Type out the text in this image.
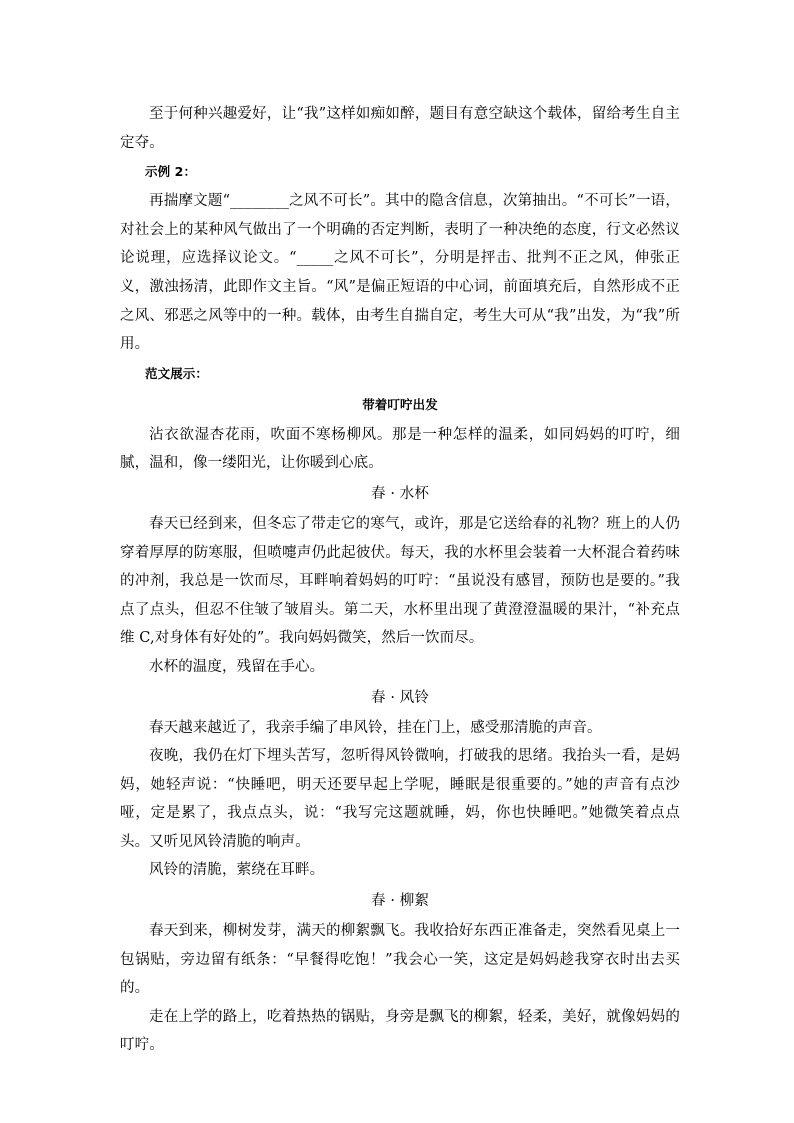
至于何种兴趣爱好，让“我”这样如痴如醉，题目有意空缺这个载体，留给考生自主定夺。

示例 2：

再揣摩文题“________之风不可长”。其中的隐含信息，次第抽出。“不可长”一语，对社会上的某种风气做出了一个明确的否定判断，表明了一种决绝的态度，行文必然议论说理，应选择议论文。“_____之风不可长”，分明是抨击、批判不正之风，伸张正义，激浊扬清，此即作文主旨。“风”是偏正短语的中心词，前面填充后，自然形成不正之风、邪恶之风等中的一种。载体，由考生自揣自定，考生大可从“我”出发，为“我”所用。

范文展示：

带着叮咛出发

沾衣欲湿杏花雨，吹面不寒杨柳风。那是一种怎样的温柔，如同妈妈的叮咛，细腻，温和，像一缕阳光，让你暖到心底。

春 · 水杯

春天已经到来，但冬忘了带走它的寒气，或许，那是它送给春的礼物？班上的人仍穿着厚厚的防寒服，但喷嚏声仍此起彼伏。每天，我的水杯里会装着一大杯混合着药味的冲剂，我总是一饮而尽，耳畔响着妈妈的叮咛：“虽说没有感冒，预防也是要的。”我点了点头，但忍不住皱了皱眉头。第二天，水杯里出现了黄澄澄温暖的果汁，“补充点维 C,对身体有好处的”。我向妈妈微笑，然后一饮而尽。

水杯的温度，残留在手心。

春 · 风铃

春天越来越近了，我亲手编了串风铃，挂在门上，感受那清脆的声音。

夜晚，我仍在灯下埋头苦写，忽听得风铃微响，打破我的思绪。我抬头一看，是妈妈，她轻声说：“快睡吧，明天还要早起上学呢，睡眠是很重要的。”她的声音有点沙哑，定是累了，我点点头，说：“我写完这题就睡，妈，你也快睡吧。”她微笑着点点头。又听见风铃清脆的响声。

风铃的清脆，萦绕在耳畔。

春 · 柳絮

春天到来，柳树发芽，满天的柳絮飘飞。我收拾好东西正准备走，突然看见桌上一包锅贴，旁边留有纸条：“早餐得吃饱！”我会心一笑，这定是妈妈趁我穿衣时出去买的。

走在上学的路上，吃着热热的锅贴，身旁是飘飞的柳絮，轻柔，美好，就像妈妈的叮咛。
